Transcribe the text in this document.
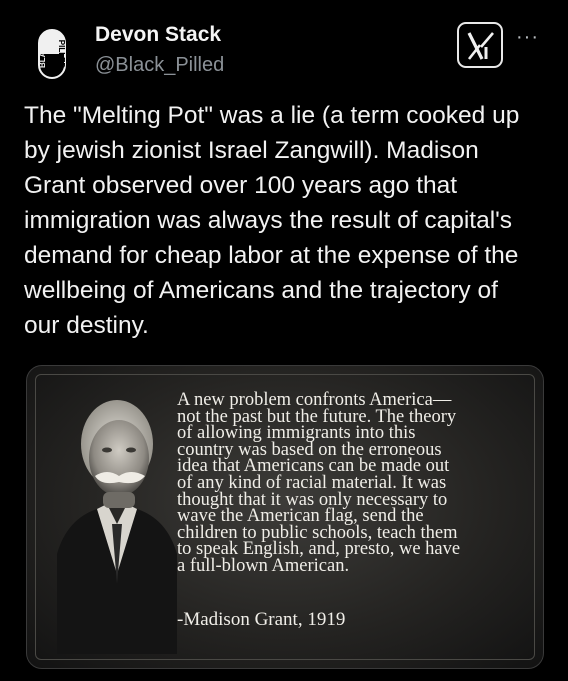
BLACK PILLED
Devon Stack
@Black_Pilled
···

The "Melting Pot" was a lie (a term cooked up
by jewish zionist Israel Zangwill). Madison
Grant observed over 100 years ago that
immigration was always the result of capital's
demand for cheap labor at the expense of the
wellbeing of Americans and the trajectory of
our destiny.

A new problem confronts America—
not the past but the future. The theory
of allowing immigrants into this
country was based on the erroneous
idea that Americans can be made out
of any kind of racial material. It was
thought that it was only necessary to
wave the American flag, send the
children to public schools, teach them
to speak English, and, presto, we have
a full-blown American.

-Madison Grant, 1919
